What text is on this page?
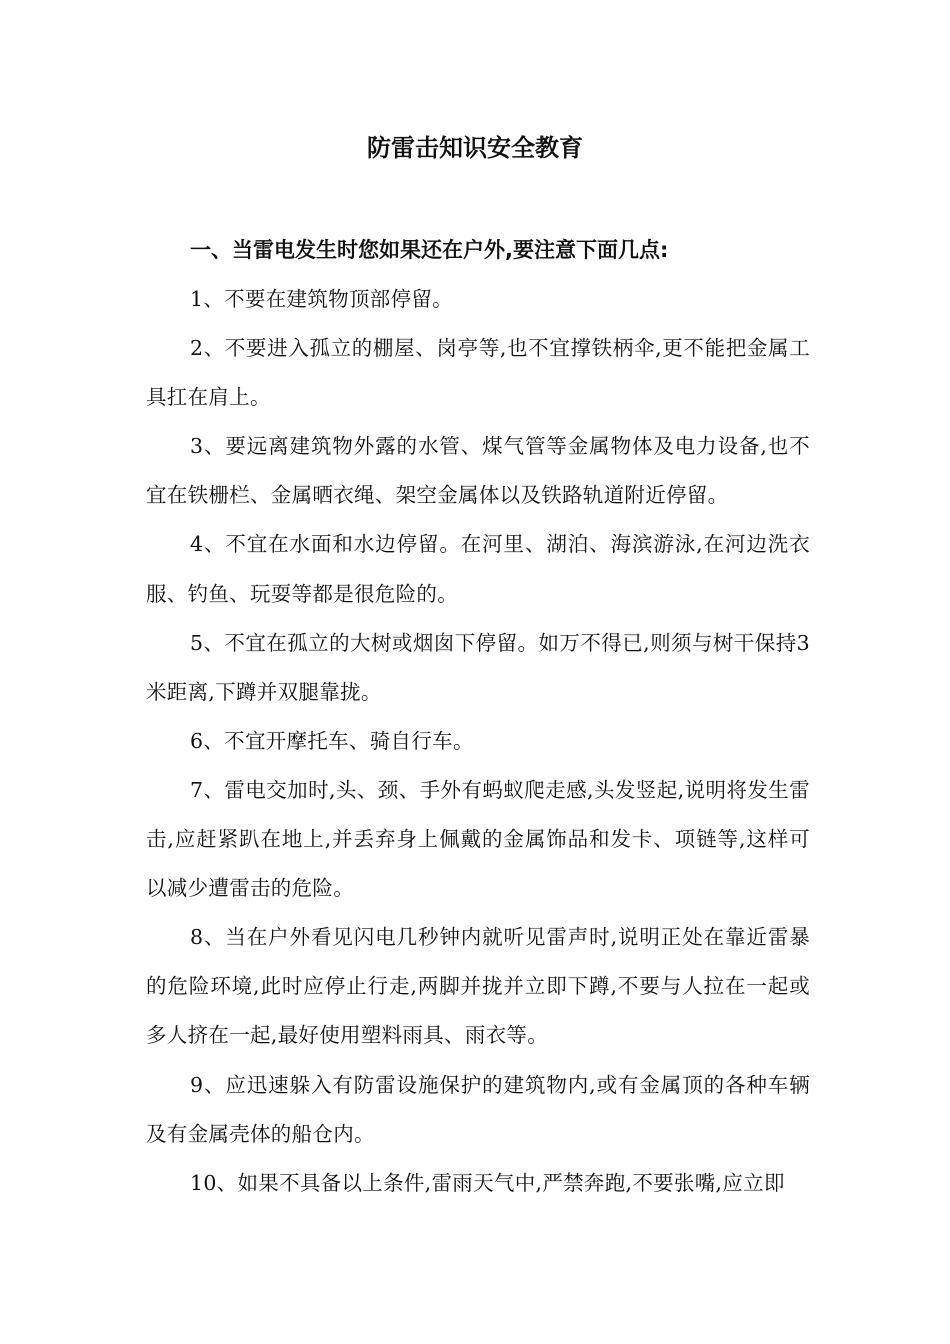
防雷击知识安全教育

一、当雷电发生时您如果还在户外,要注意下面几点:

1、不要在建筑物顶部停留。

2、不要进入孤立的棚屋、岗亭等,也不宜撑铁柄伞,更不能把金属工具扛在肩上。

3、要远离建筑物外露的水管、煤气管等金属物体及电力设备,也不宜在铁栅栏、金属晒衣绳、架空金属体以及铁路轨道附近停留。

4、不宜在水面和水边停留。在河里、湖泊、海滨游泳,在河边洗衣服、钓鱼、玩耍等都是很危险的。

5、不宜在孤立的大树或烟囱下停留。如万不得已,则须与树干保持3米距离,下蹲并双腿靠拢。

6、不宜开摩托车、骑自行车。

7、雷电交加时,头、颈、手外有蚂蚁爬走感,头发竖起,说明将发生雷击,应赶紧趴在地上,并丢弃身上佩戴的金属饰品和发卡、项链等,这样可以减少遭雷击的危险。

8、当在户外看见闪电几秒钟内就听见雷声时,说明正处在靠近雷暴的危险环境,此时应停止行走,两脚并拢并立即下蹲,不要与人拉在一起或多人挤在一起,最好使用塑料雨具、雨衣等。

9、应迅速躲入有防雷设施保护的建筑物内,或有金属顶的各种车辆及有金属壳体的船仓内。

10、如果不具备以上条件,雷雨天气中,严禁奔跑,不要张嘴,应立即
